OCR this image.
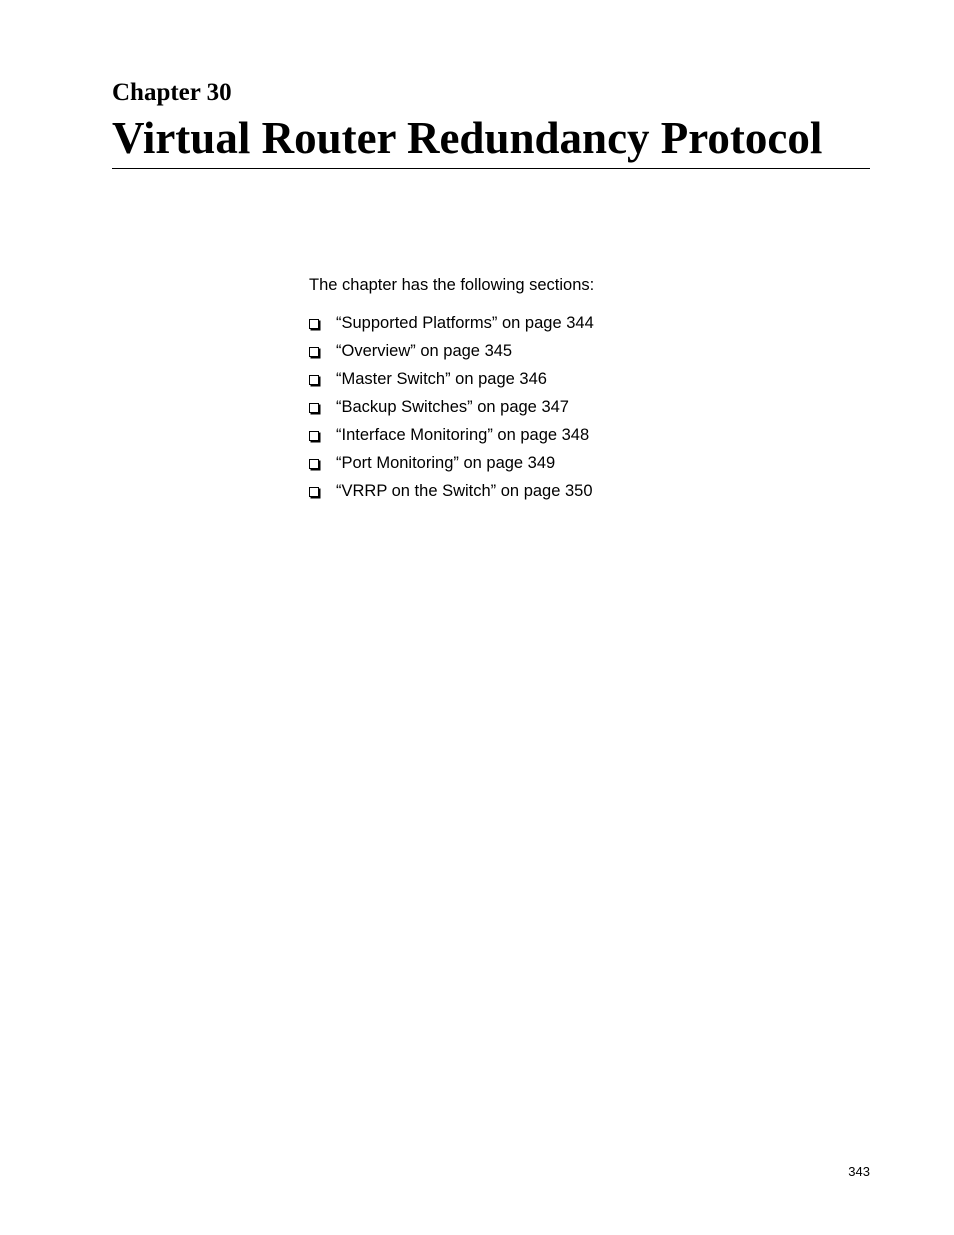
Chapter 30
Virtual Router Redundancy Protocol

The chapter has the following sections:

“Supported Platforms” on page 344
“Overview” on page 345
“Master Switch” on page 346
“Backup Switches” on page 347
“Interface Monitoring” on page 348
“Port Monitoring” on page 349
“VRRP on the Switch” on page 350

343
